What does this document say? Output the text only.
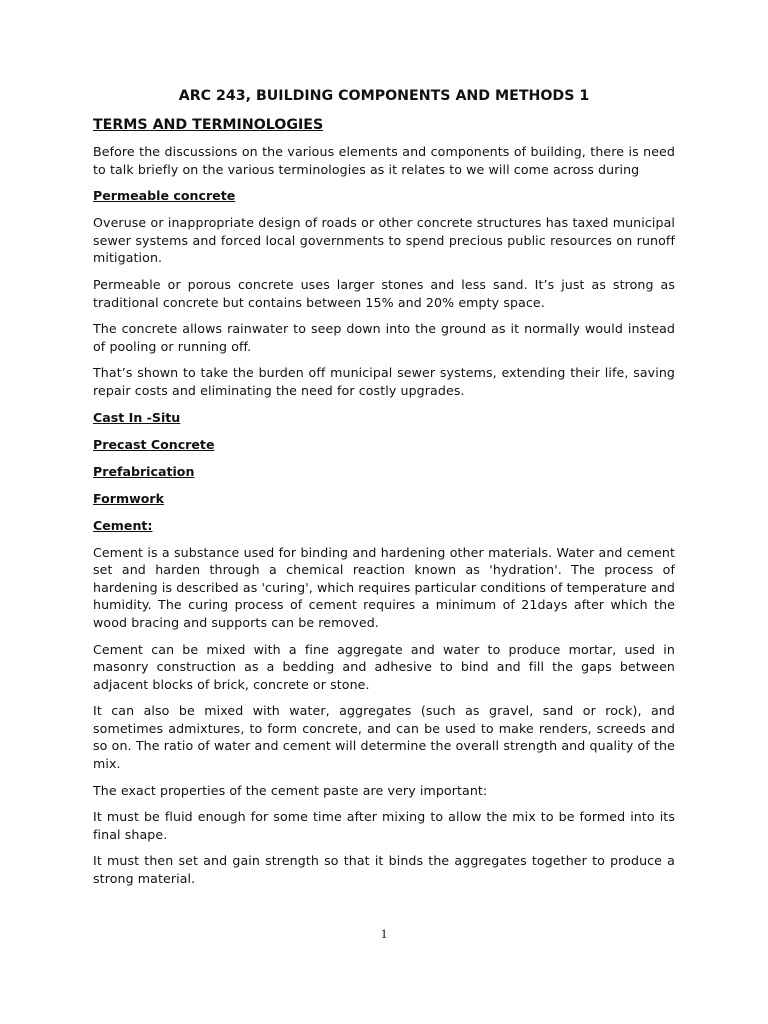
ARC 243, BUILDING COMPONENTS AND METHODS 1
TERMS AND TERMINOLOGIES

Before the discussions on the various elements and components of building, there is need to talk briefly on the various terminologies as it relates to we will come across during

Permeable concrete

Overuse or inappropriate design of roads or other concrete structures has taxed municipal sewer systems and forced local governments to spend precious public resources on runoff mitigation.

Permeable or porous concrete uses larger stones and less sand. It’s just as strong as traditional concrete but contains between 15% and 20% empty space.

The concrete allows rainwater to seep down into the ground as it normally would instead of pooling or running off.

That’s shown to take the burden off municipal sewer systems, extending their life, saving repair costs and eliminating the need for costly upgrades.

Cast In -Situ
Precast Concrete
Prefabrication
Formwork
Cement:

Cement is a substance used for binding and hardening other materials. Water and cement set and harden through a chemical reaction known as 'hydration'. The process of hardening is described as 'curing', which requires particular conditions of temperature and humidity. The curing process of cement requires a minimum of 21days after which the wood bracing and supports can be removed.

Cement can be mixed with a fine aggregate and water to produce mortar, used in masonry construction as a bedding and adhesive to bind and fill the gaps between adjacent blocks of brick, concrete or stone.

It can also be mixed with water, aggregates (such as gravel, sand or rock), and sometimes admixtures, to form concrete, and can be used to make renders, screeds and so on. The ratio of water and cement will determine the overall strength and quality of the mix.

The exact properties of the cement paste are very important:

It must be fluid enough for some time after mixing to allow the mix to be formed into its final shape.

It must then set and gain strength so that it binds the aggregates together to produce a strong material.

1
